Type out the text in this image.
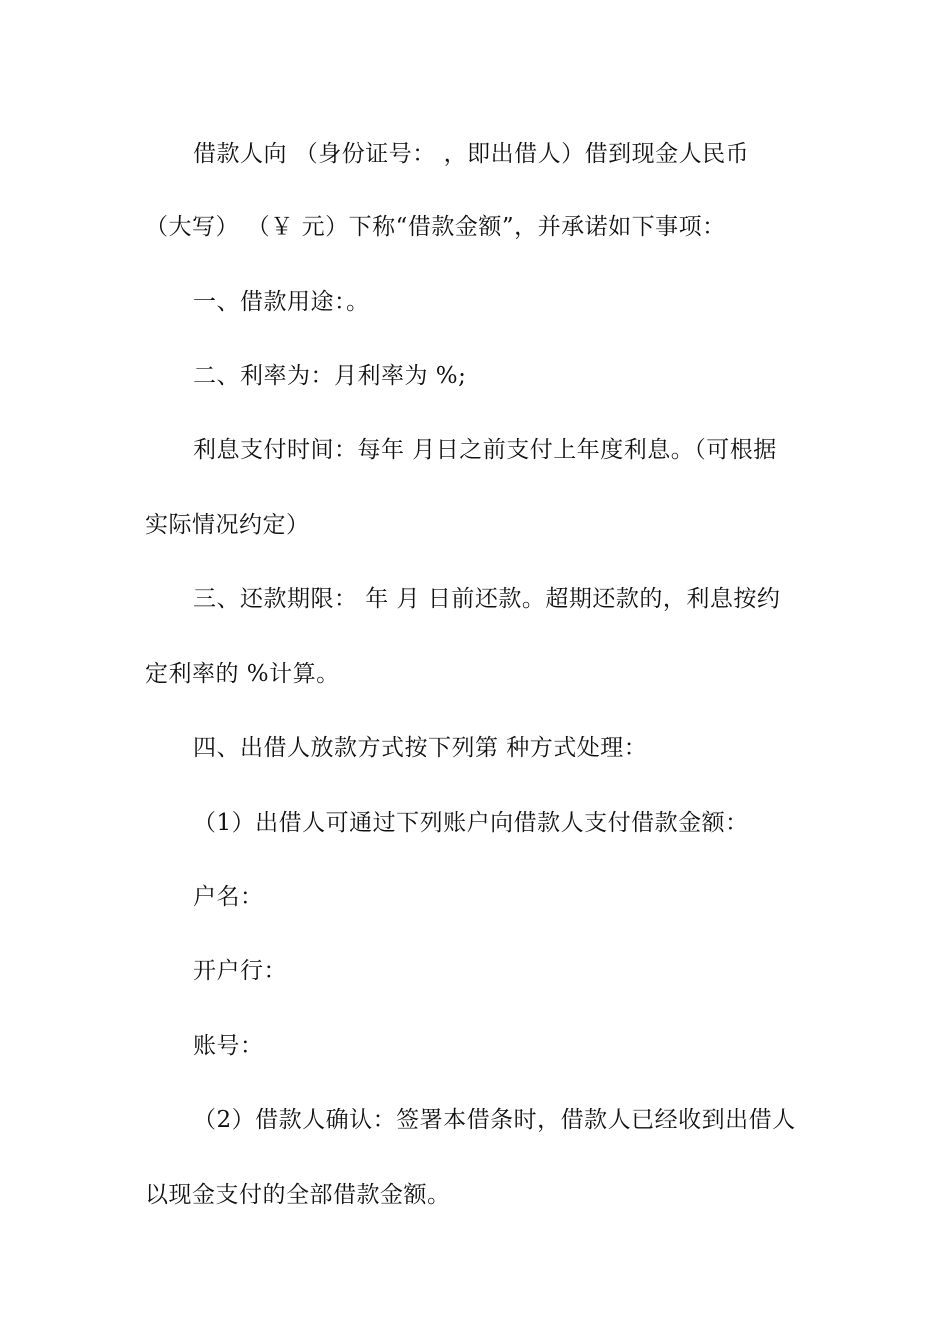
借款人向 （身份证号： ，即出借人）借到现金人民币
（大写） （￥ 元）下称“借款金额”，并承诺如下事项：
一、借款用途：。
二、利率为：月利率为 %;
利息支付时间：每年 月日之前支付上年度利息。（可根据
实际情况约定）
三、还款期限： 年 月 日前还款。超期还款的，利息按约
定利率的 %计算。
四、出借人放款方式按下列第 种方式处理：
（1）出借人可通过下列账户向借款人支付借款金额：
户名：
开户行：
账号：
（2）借款人确认：签署本借条时，借款人已经收到出借人
以现金支付的全部借款金额。
